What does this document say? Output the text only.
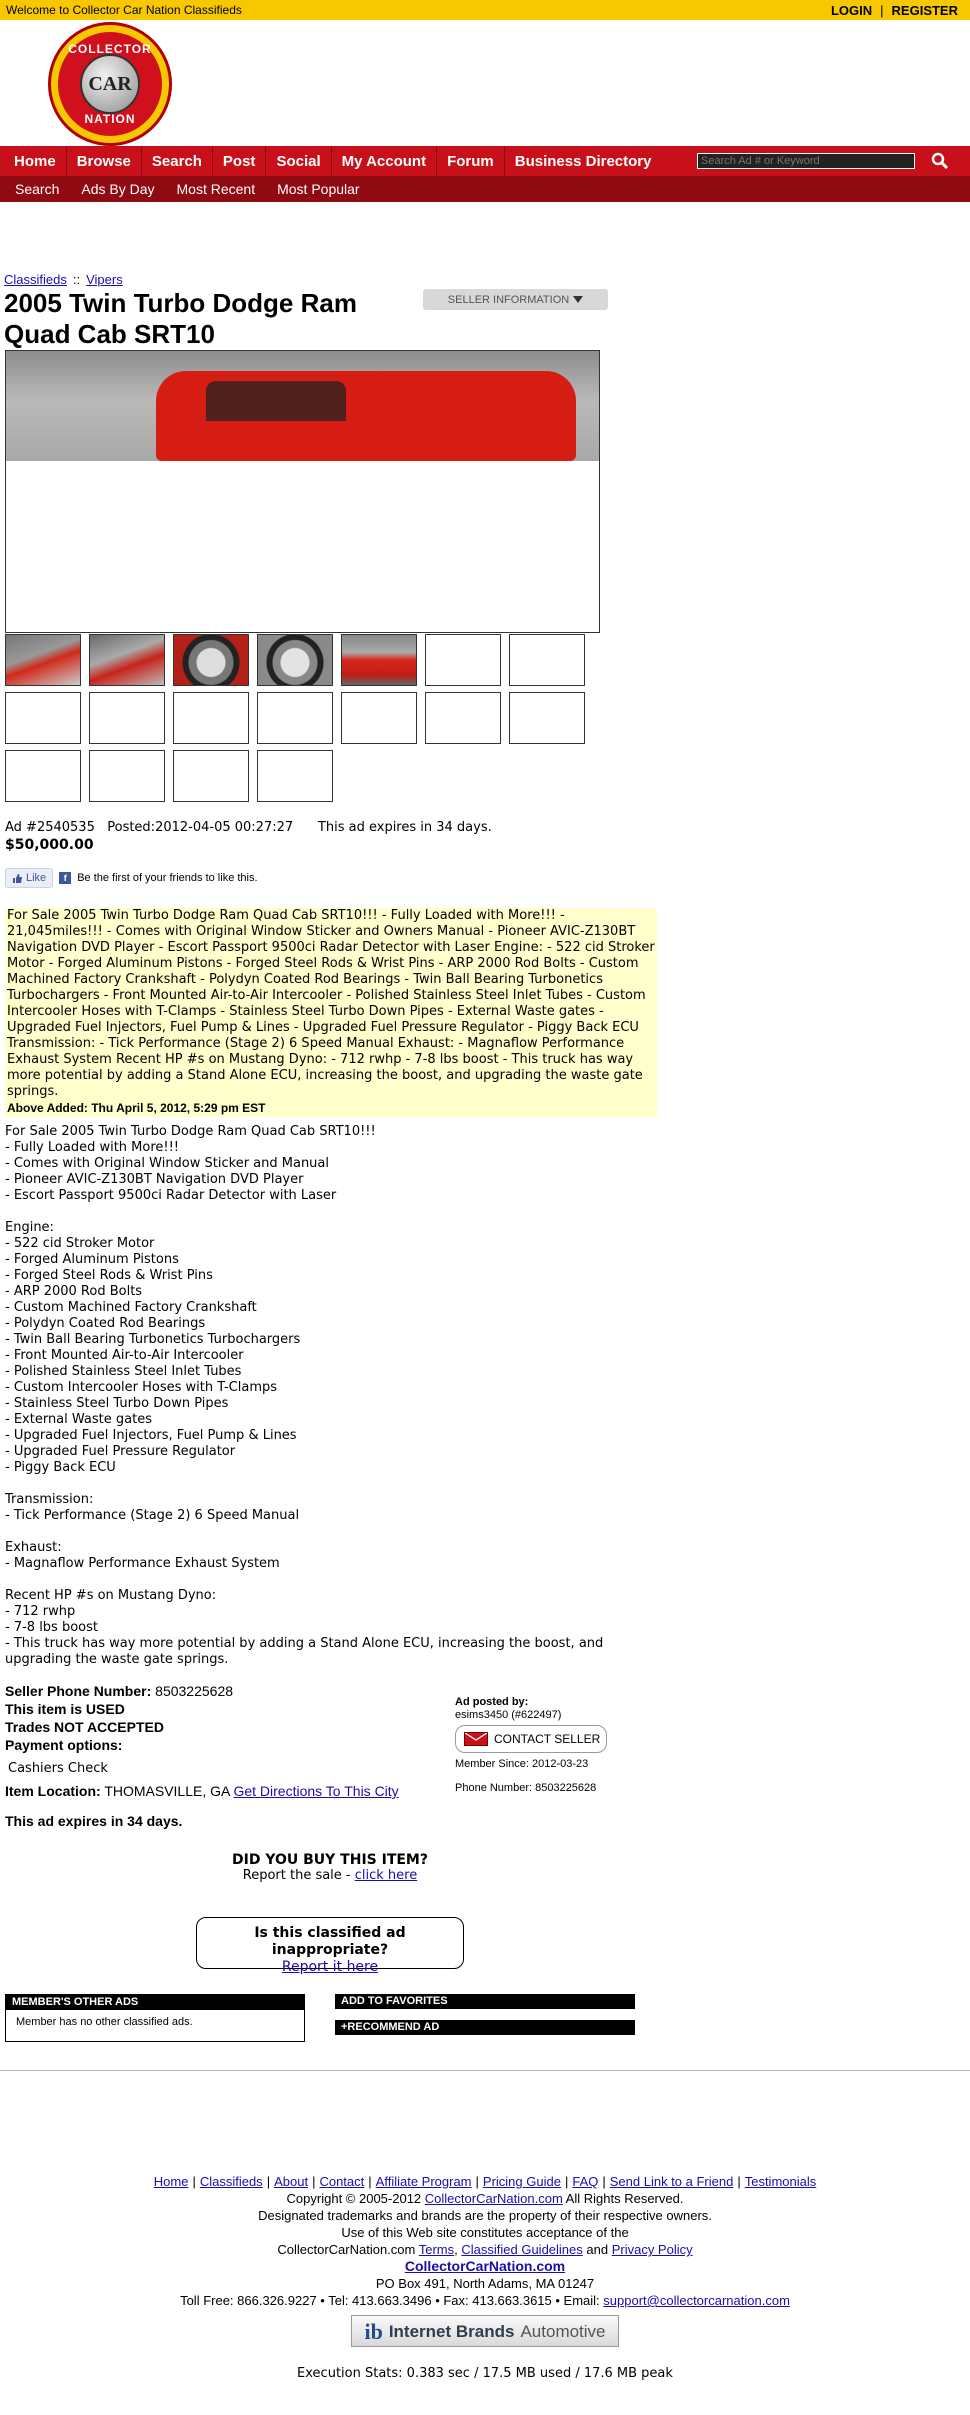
Welcome to Collector Car Nation Classifieds	LOGIN | REGISTER
COLLECTOR
CAR
NATION
Home	Browse	Search	Post	Social	My Account	Forum	Business Directory
Search Ad # or Keyword
Search	Ads By Day	Most Recent	Most Popular
Classifieds :: Vipers
2005 Twin Turbo Dodge Ram Quad Cab SRT10
SELLER INFORMATION
Ad #2540535   Posted:2012-04-05 00:27:27      This ad expires in 34 days.
$50,000.00
Like	f Be the first of your friends to like this.
For Sale 2005 Twin Turbo Dodge Ram Quad Cab SRT10!!! - Fully Loaded with More!!! - 21,045miles!!! - Comes with Original Window Sticker and Owners Manual - Pioneer AVIC-Z130BT Navigation DVD Player - Escort Passport 9500ci Radar Detector with Laser Engine: - 522 cid Stroker Motor - Forged Aluminum Pistons - Forged Steel Rods & Wrist Pins - ARP 2000 Rod Bolts - Custom Machined Factory Crankshaft - Polydyn Coated Rod Bearings - Twin Ball Bearing Turbonetics Turbochargers - Front Mounted Air-to-Air Intercooler - Polished Stainless Steel Inlet Tubes - Custom Intercooler Hoses with T-Clamps - Stainless Steel Turbo Down Pipes - External Waste gates - Upgraded Fuel Injectors, Fuel Pump & Lines - Upgraded Fuel Pressure Regulator - Piggy Back ECU Transmission: - Tick Performance (Stage 2) 6 Speed Manual Exhaust: - Magnaflow Performance Exhaust System Recent HP #s on Mustang Dyno: - 712 rwhp - 7-8 lbs boost - This truck has way more potential by adding a Stand Alone ECU, increasing the boost, and upgrading the waste gate springs.
Above Added: Thu April 5, 2012, 5:29 pm EST
For Sale 2005 Twin Turbo Dodge Ram Quad Cab SRT10!!!
- Fully Loaded with More!!!
- Comes with Original Window Sticker and Manual
- Pioneer AVIC-Z130BT Navigation DVD Player
- Escort Passport 9500ci Radar Detector with Laser

Engine:
- 522 cid Stroker Motor
- Forged Aluminum Pistons
- Forged Steel Rods & Wrist Pins
- ARP 2000 Rod Bolts
- Custom Machined Factory Crankshaft
- Polydyn Coated Rod Bearings
- Twin Ball Bearing Turbonetics Turbochargers
- Front Mounted Air-to-Air Intercooler
- Polished Stainless Steel Inlet Tubes
- Custom Intercooler Hoses with T-Clamps
- Stainless Steel Turbo Down Pipes
- External Waste gates
- Upgraded Fuel Injectors, Fuel Pump & Lines
- Upgraded Fuel Pressure Regulator
- Piggy Back ECU

Transmission:
- Tick Performance (Stage 2) 6 Speed Manual

Exhaust:
- Magnaflow Performance Exhaust System

Recent HP #s on Mustang Dyno:
- 712 rwhp
- 7-8 lbs boost
- This truck has way more potential by adding a Stand Alone ECU, increasing the boost, and upgrading the waste gate springs.
Seller Phone Number: 8503225628
This item is USED
Trades NOT ACCEPTED
Payment options:
Cashiers Check
Item Location: THOMASVILLE, GA Get Directions To This City
This ad expires in 34 days.
Ad posted by:
esims3450 (#622497)
CONTACT SELLER
Member Since: 2012-03-23
Phone Number: 8503225628
DID YOU BUY THIS ITEM?
Report the sale - click here
Is this classified ad inappropriate?
Report it here
MEMBER'S OTHER ADS
Member has no other classified ads.
ADD TO FAVORITES
+RECOMMEND AD
Home | Classifieds | About | Contact | Affiliate Program | Pricing Guide | FAQ | Send Link to a Friend | Testimonials
Copyright © 2005-2012 CollectorCarNation.com All Rights Reserved.
Designated trademarks and brands are the property of their respective owners.
Use of this Web site constitutes acceptance of the
CollectorCarNation.com Terms, Classified Guidelines and Privacy Policy
CollectorCarNation.com
PO Box 491, North Adams, MA 01247
Toll Free: 866.326.9227 • Tel: 413.663.3496 • Fax: 413.663.3615 • Email: support@collectorcarnation.com
ib Internet Brands Automotive
Execution Stats: 0.383 sec / 17.5 MB used / 17.6 MB peak
